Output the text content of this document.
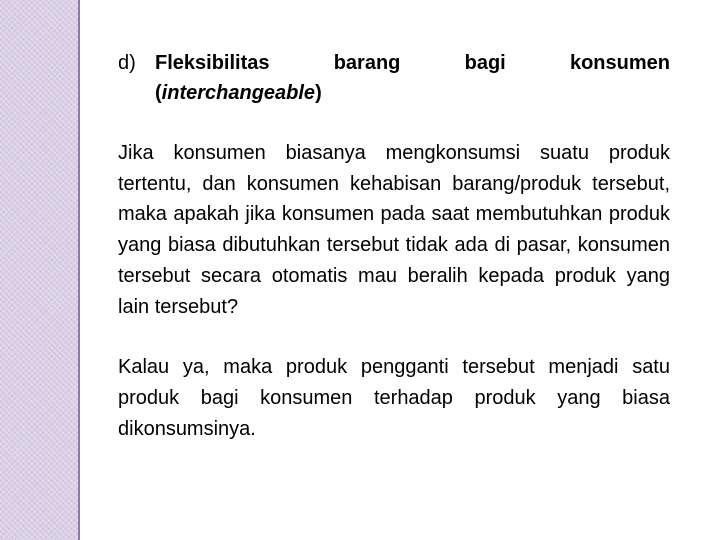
d) Fleksibilitas	barang	bagi	konsumen
(interchangeable)

Jika konsumen biasanya mengkonsumsi suatu produk tertentu, dan konsumen kehabisan barang/produk tersebut, maka apakah jika konsumen pada saat membutuhkan produk yang biasa dibutuhkan tersebut tidak ada di pasar, konsumen tersebut secara otomatis mau beralih kepada produk yang lain tersebut?

Kalau ya, maka produk pengganti tersebut menjadi satu produk bagi konsumen terhadap produk yang biasa dikonsumsinya.
